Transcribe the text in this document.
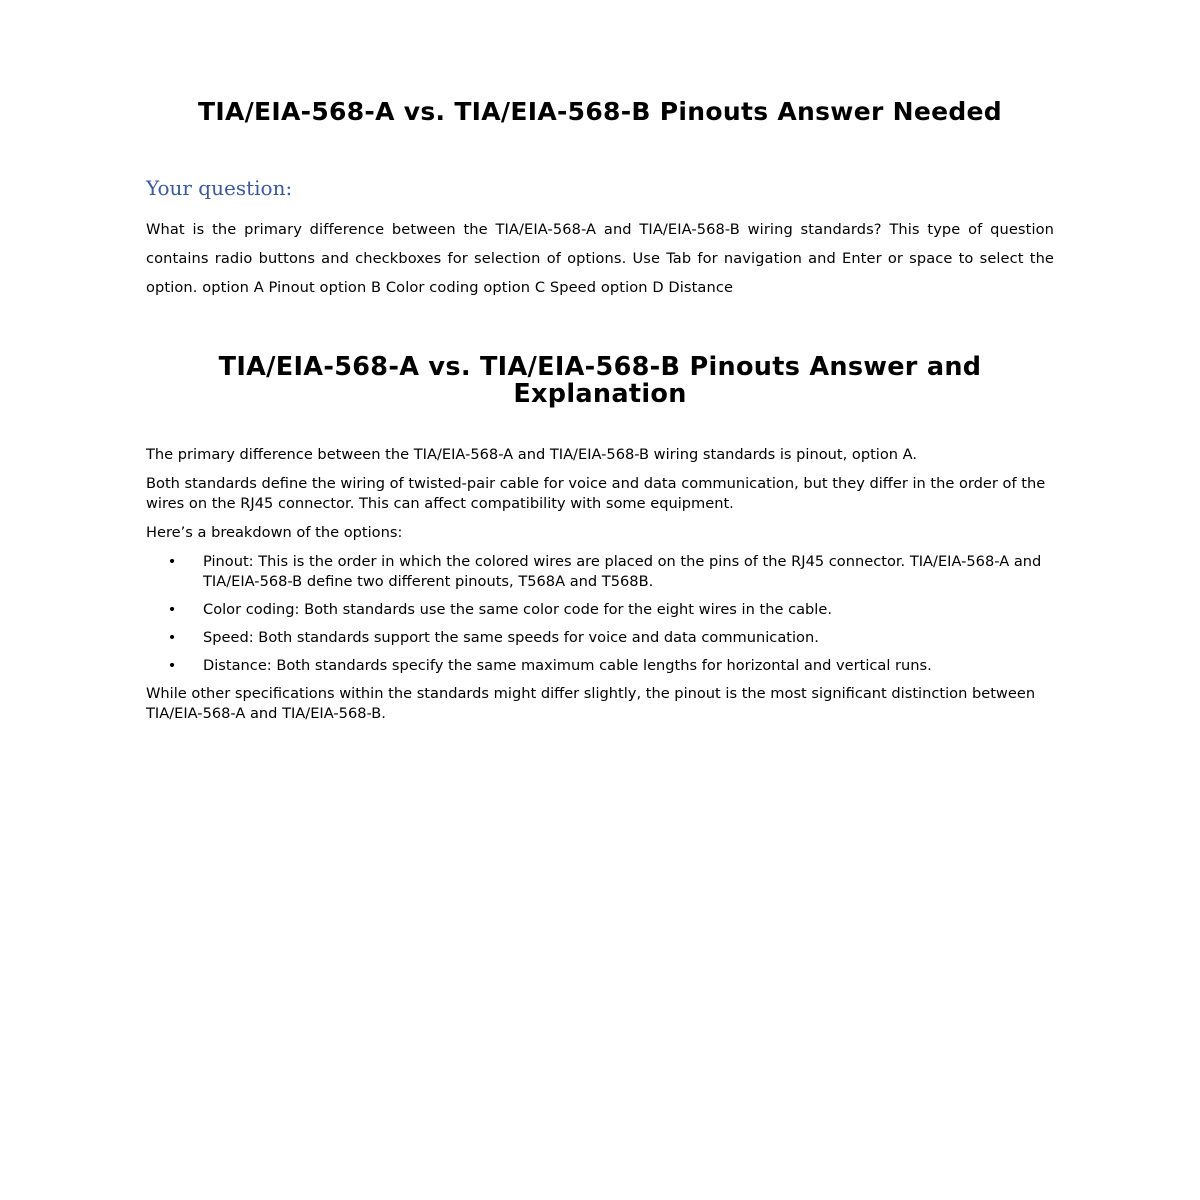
TIA/EIA-568-A vs. TIA/EIA-568-B Pinouts Answer Needed
Your question:

What is the primary difference between the TIA/EIA-568-A and TIA/EIA-568-B wiring standards? This type of question contains radio buttons and checkboxes for selection of options. Use Tab for navigation and Enter or space to select the option. option A Pinout option B Color coding option C Speed option D Distance

TIA/EIA-568-A vs. TIA/EIA-568-B Pinouts Answer and Explanation

The primary difference between the TIA/EIA-568-A and TIA/EIA-568-B wiring standards is pinout, option A.

Both standards define the wiring of twisted-pair cable for voice and data communication, but they differ in the order of the wires on the RJ45 connector. This can affect compatibility with some equipment.

Here’s a breakdown of the options:

• Pinout: This is the order in which the colored wires are placed on the pins of the RJ45 connector. TIA/EIA-568-A and TIA/EIA-568-B define two different pinouts, T568A and T568B.
• Color coding: Both standards use the same color code for the eight wires in the cable.
• Speed: Both standards support the same speeds for voice and data communication.
• Distance: Both standards specify the same maximum cable lengths for horizontal and vertical runs.

While other specifications within the standards might differ slightly, the pinout is the most significant distinction between TIA/EIA-568-A and TIA/EIA-568-B.
